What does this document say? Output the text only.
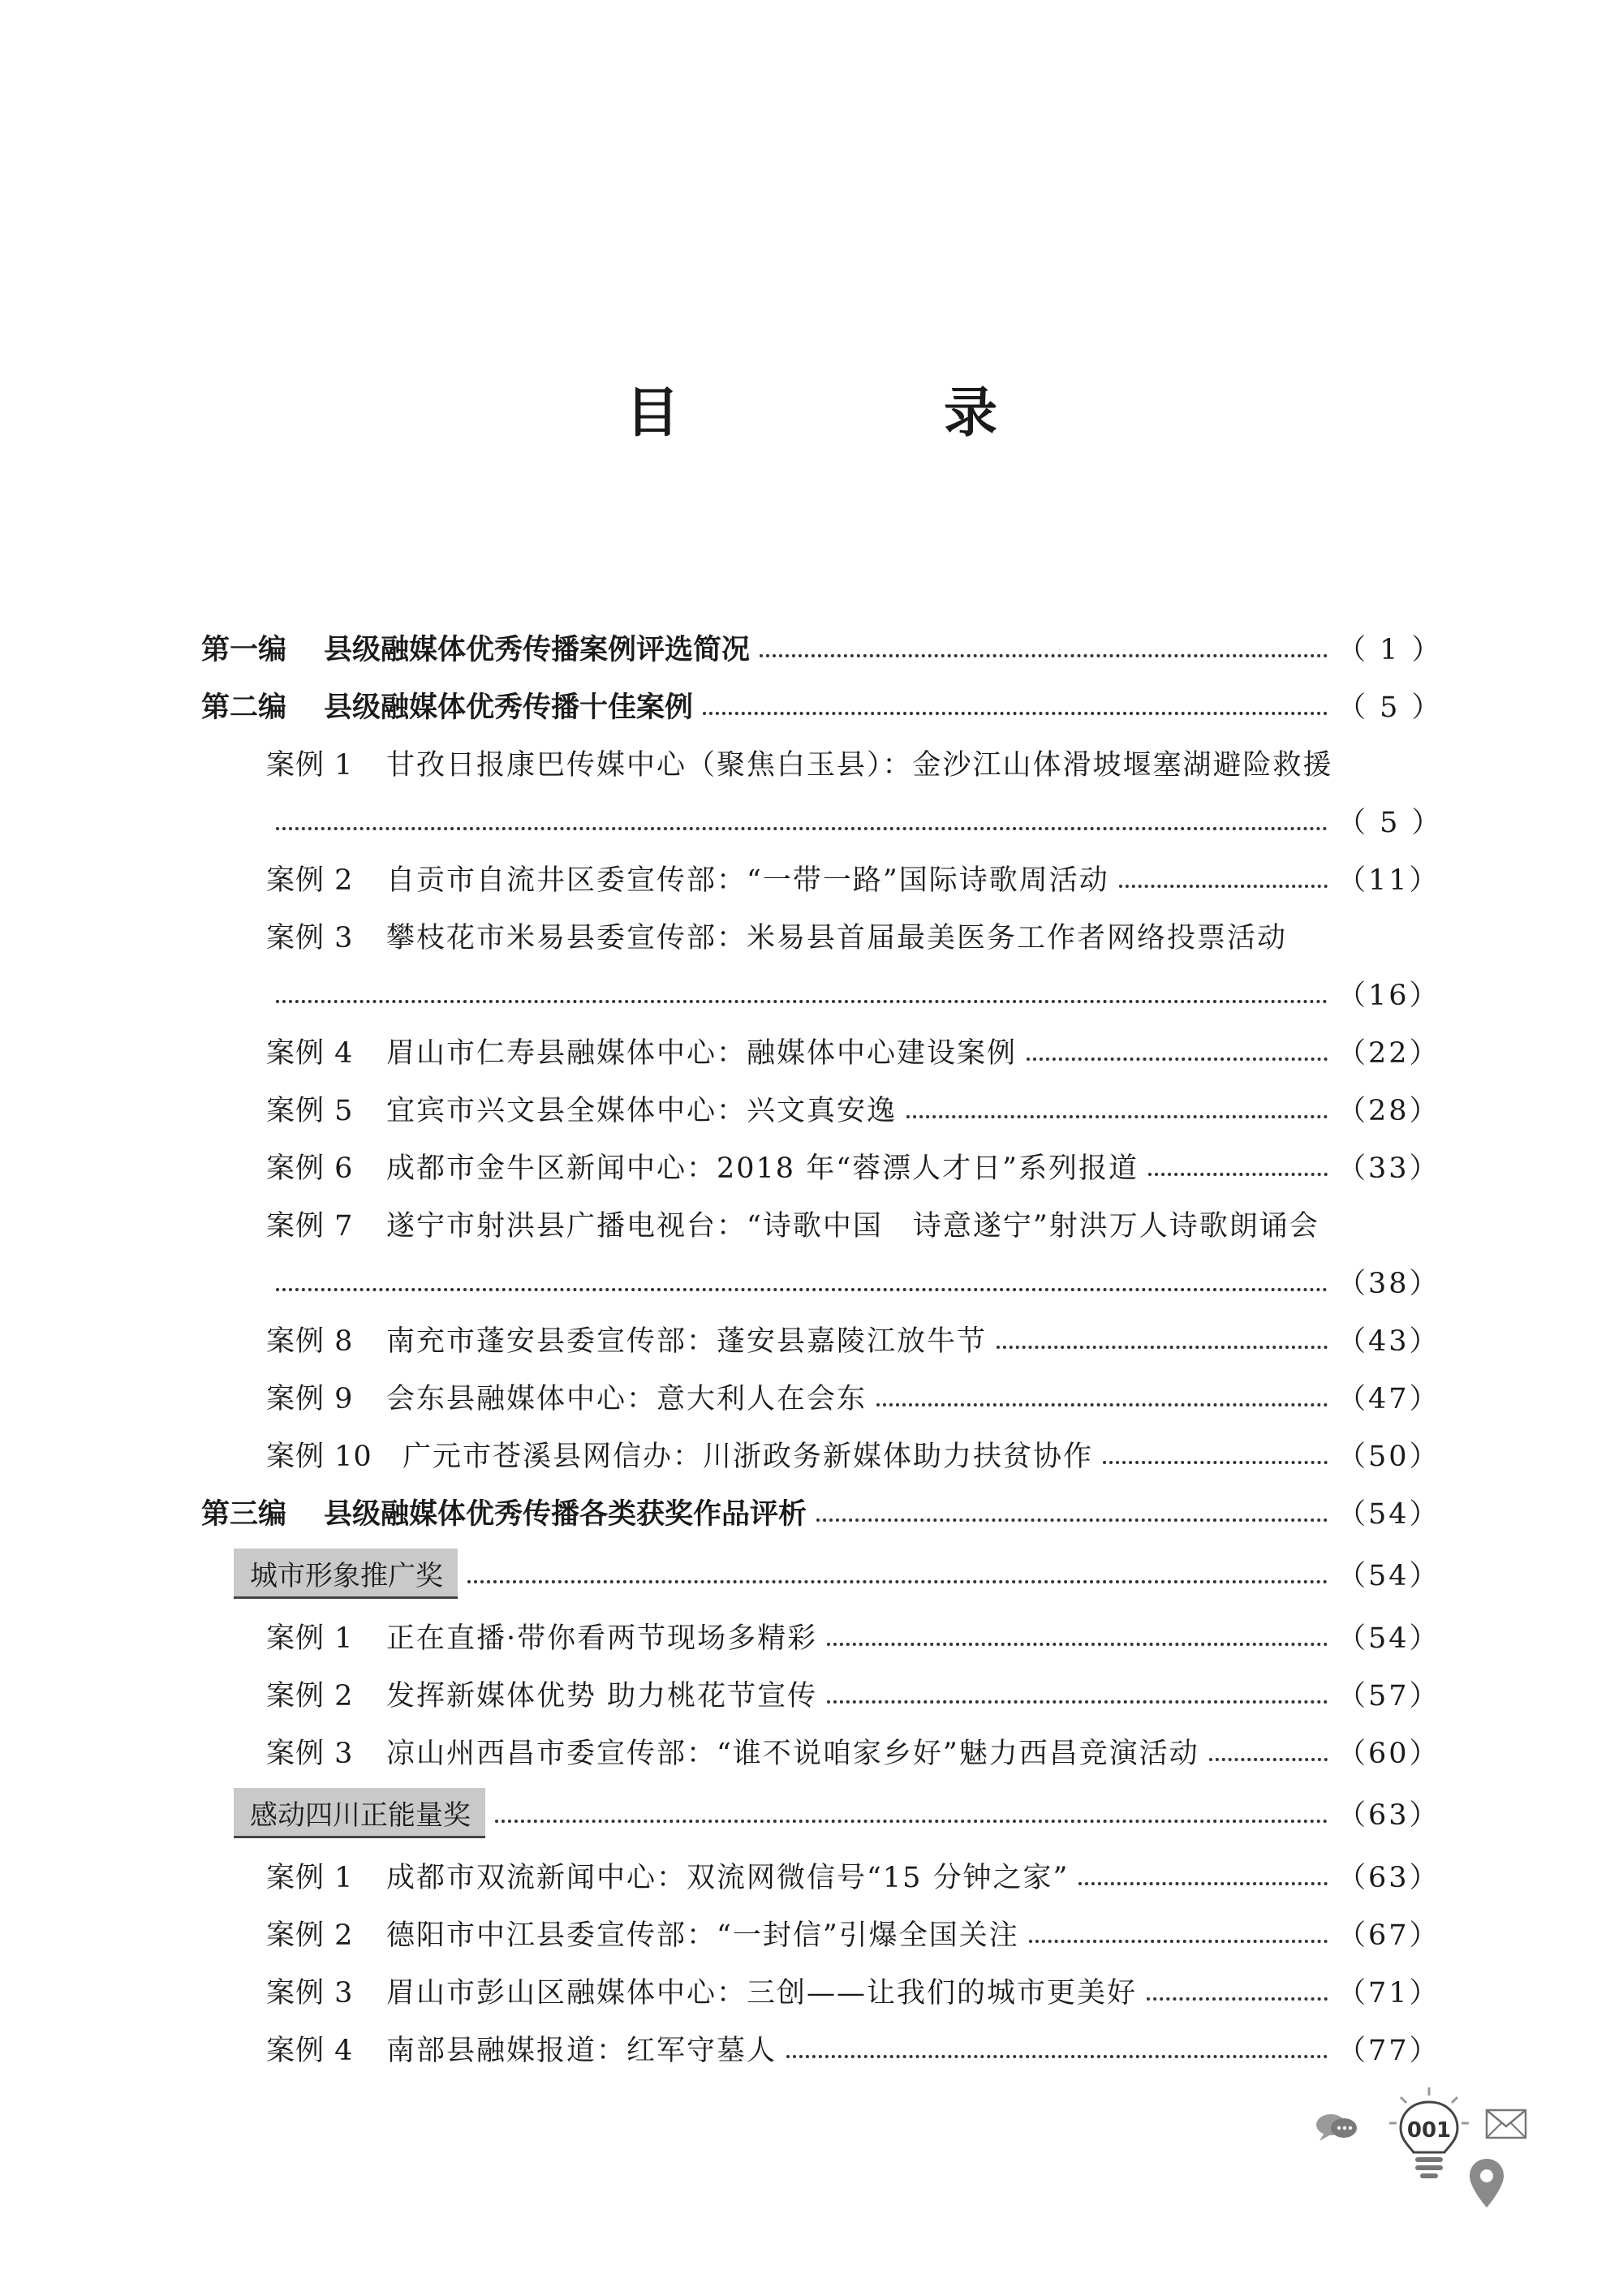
目　录
第一编 县级融媒体优秀传播案例评选简况	（ 1 ）
第二编 县级融媒体优秀传播十佳案例	（ 5 ）
案例 1	甘孜日报康巴传媒中心（聚焦白玉县）：金沙江山体滑坡堰塞湖避险救援
（ 5 ）
案例 2	自贡市自流井区委宣传部：“一带一路”国际诗歌周活动	（11）
案例 3	攀枝花市米易县委宣传部：米易县首届最美医务工作者网络投票活动
（16）
案例 4	眉山市仁寿县融媒体中心：融媒体中心建设案例	（22）
案例 5	宜宾市兴文县全媒体中心：兴文真安逸	（28）
案例 6	成都市金牛区新闻中心：2018 年“蓉漂人才日”系列报道	（33）
案例 7	遂宁市射洪县广播电视台：“诗歌中国　诗意遂宁”射洪万人诗歌朗诵会
（38）
案例 8	南充市蓬安县委宣传部：蓬安县嘉陵江放牛节	（43）
案例 9	会东县融媒体中心：意大利人在会东	（47）
案例 10	广元市苍溪县网信办：川浙政务新媒体助力扶贫协作	（50）
第三编 县级融媒体优秀传播各类获奖作品评析	（54）
城市形象推广奖	（54）
案例 1	正在直播·带你看两节现场多精彩	（54）
案例 2	发挥新媒体优势 助力桃花节宣传	（57）
案例 3	凉山州西昌市委宣传部：“谁不说咱家乡好”魅力西昌竞演活动	（60）
感动四川正能量奖	（63）
案例 1	成都市双流新闻中心：双流网微信号“15 分钟之家”	（63）
案例 2	德阳市中江县委宣传部：“一封信”引爆全国关注	（67）
案例 3	眉山市彭山区融媒体中心：三创——让我们的城市更美好	（71）
案例 4	南部县融媒报道：红军守墓人	（77）
001
